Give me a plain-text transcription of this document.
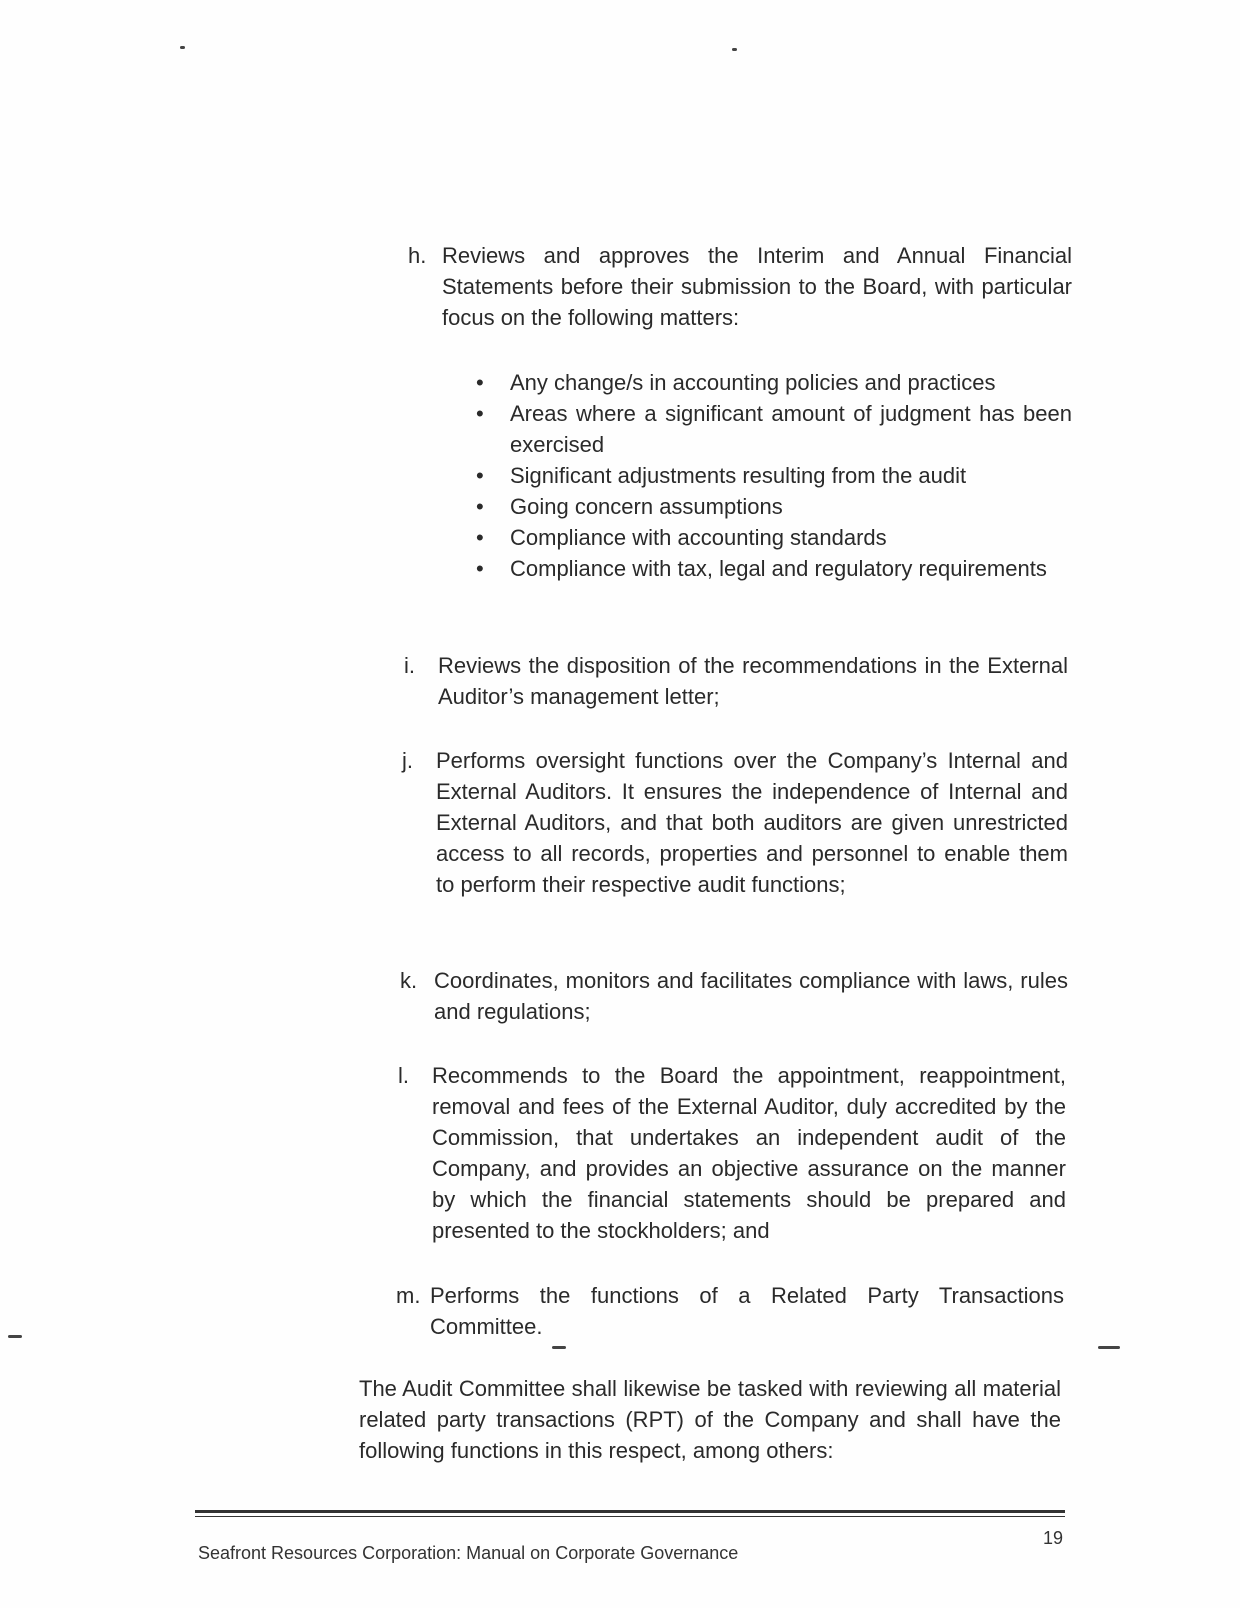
h. Reviews and approves the Interim and Annual Financial Statements before their submission to the Board, with particular focus on the following matters:
• Any change/s in accounting policies and practices
• Areas where a significant amount of judgment has been exercised
• Significant adjustments resulting from the audit
• Going concern assumptions
• Compliance with accounting standards
• Compliance with tax, legal and regulatory requirements
i. Reviews the disposition of the recommendations in the External Auditor’s management letter;
j. Performs oversight functions over the Company’s Internal and External Auditors. It ensures the independence of Internal and External Auditors, and that both auditors are given unrestricted access to all records, properties and personnel to enable them to perform their respective audit functions;
k. Coordinates, monitors and facilitates compliance with laws, rules and regulations;
l. Recommends to the Board the appointment, reappointment, removal and fees of the External Auditor, duly accredited by the Commission, that undertakes an independent audit of the Company, and provides an objective assurance on the manner by which the financial statements should be prepared and presented to the stockholders; and
m. Performs the functions of a Related Party Transactions Committee.
The Audit Committee shall likewise be tasked with reviewing all material related party transactions (RPT) of the Company and shall have the following functions in this respect, among others:
19
Seafront Resources Corporation: Manual on Corporate Governance
